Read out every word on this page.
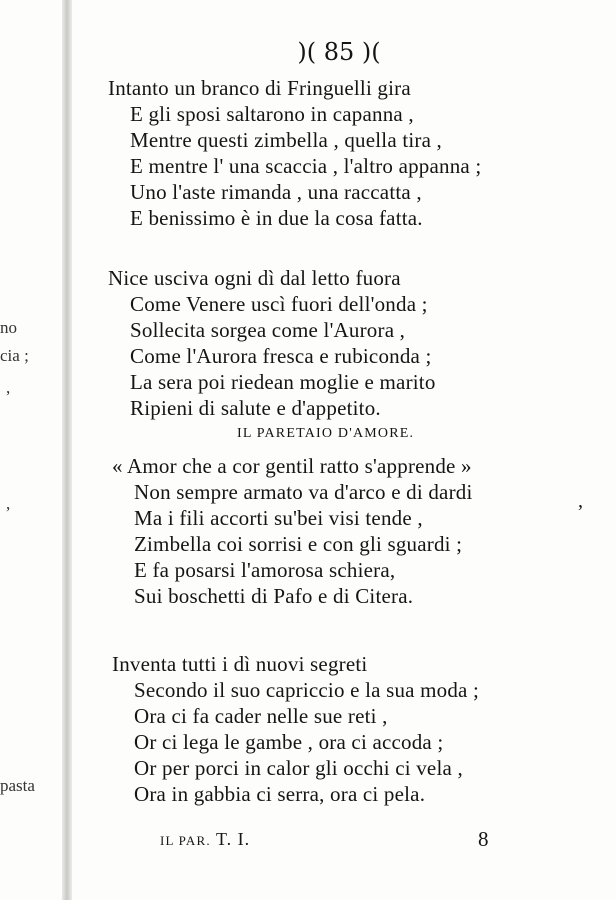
no
cia ;
,
,
pasta
)( 85 )(
Intanto un branco di Fringuelli gira
E gli sposi saltarono in capanna ,
Mentre questi zimbella , quella tira ,
E mentre l' una scaccia , l'altro appanna ;
Uno l'aste rimanda , una raccatta ,
E benissimo è in due la cosa fatta.
Nice usciva ogni dì dal letto fuora
Come Venere uscì fuori dell'onda ;
Sollecita sorgea come l'Aurora ,
Come l'Aurora fresca e rubiconda ;
La sera poi riedean moglie e marito
Ripieni di salute e d'appetito.
IL PARETAIO D'AMORE.
« Amor che a cor gentil ratto s'apprende »
Non sempre armato va d'arco e di dardi
Ma i fili accorti su'bei visi tende ,
Zimbella coi sorrisi e con gli sguardi ;
E fa posarsi l'amorosa schiera,
Sui boschetti di Pafo e di Citera.
,
Inventa tutti i dì nuovi segreti
Secondo il suo capriccio e la sua moda ;
Ora ci fa cader nelle sue reti ,
Or ci lega le gambe , ora ci accoda ;
Or per porci in calor gli occhi ci vela ,
Ora in gabbia ci serra, ora ci pela.
IL PAR. T. I.	8
